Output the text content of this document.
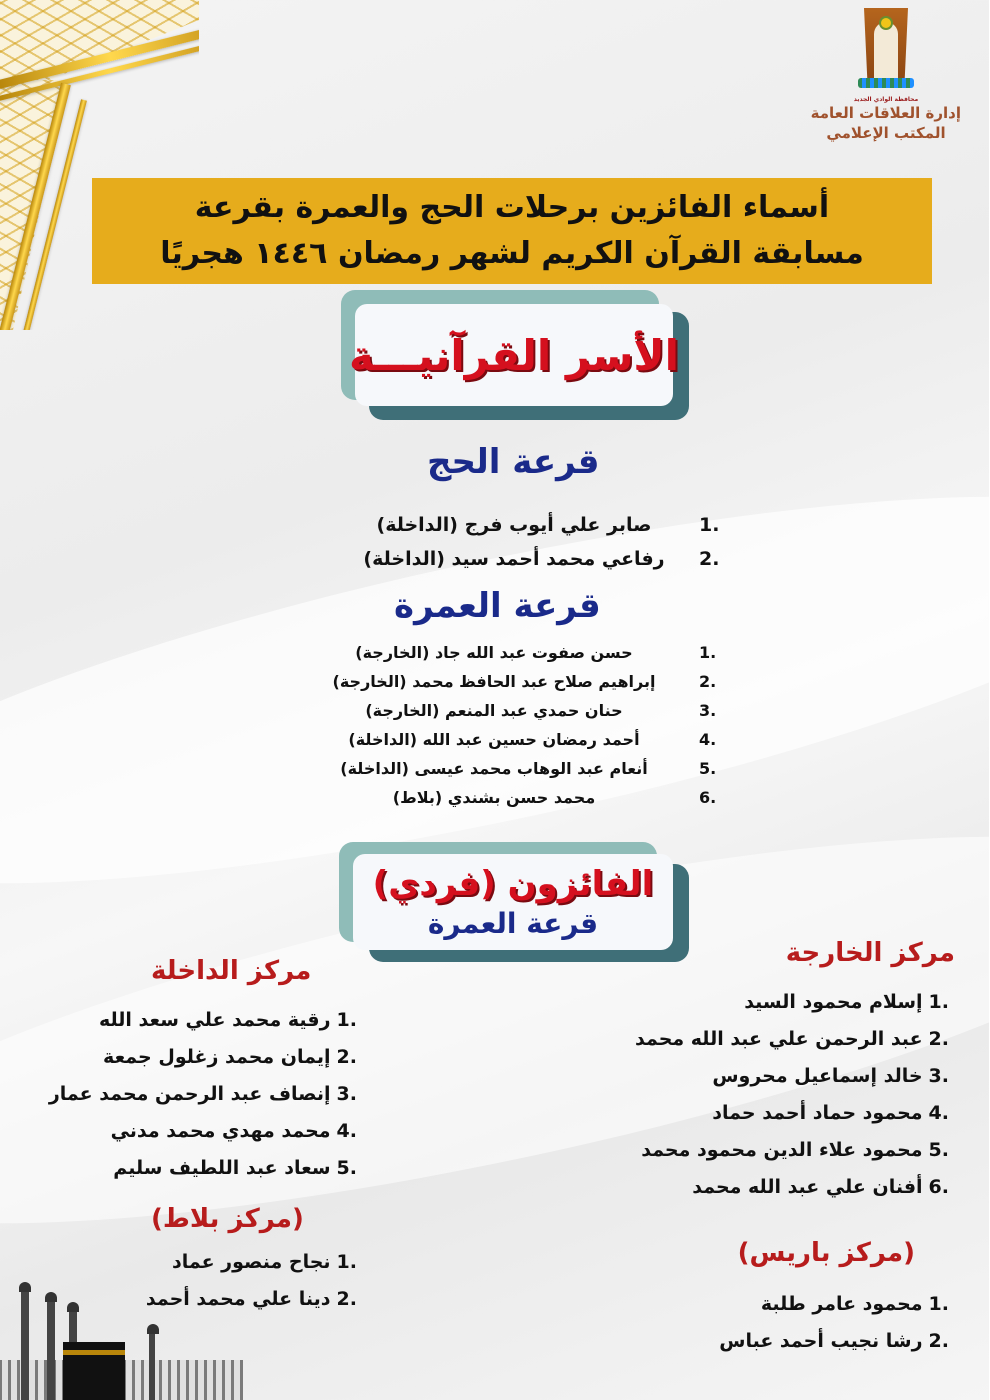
محافظة الوادي الجديد
إدارة العلاقات العامة
المكتب الإعلامي
أسماء الفائزين برحلات الحج والعمرة بقرعة
مسابقة القرآن الكريم لشهر رمضان ١٤٤٦ هجريًا
الأسر القرآنيـــة
قرعة الحج
1.
صابر علي أيوب فرج (الداخلة)
2.
رفاعي محمد أحمد سيد (الداخلة)
قرعة العمرة
1.
حسن صفوت عبد الله جاد (الخارجة)
2.
إبراهيم صلاح عبد الحافظ محمد (الخارجة)
3.
حنان حمدي عبد المنعم (الخارجة)
4.
أحمد رمضان حسين عبد الله (الداخلة)
5.
أنعام عبد الوهاب محمد عيسى (الداخلة)
6.
محمد حسن بشندي (بلاط)
الفائزون (فردي)
قرعة العمرة
مركز الخارجة
1.إسلام محمود السيد
2.عبد الرحمن علي عبد الله محمد
3.خالد إسماعيل محروس
4.محمود حماد أحمد حماد
5.محمود علاء الدين محمود محمد
6.أفنان علي عبد الله محمد
(مركز باريس)
1.محمود عامر طلبة
2.رشا نجيب أحمد عباس
مركز الداخلة
1.رقية محمد علي سعد الله
2.إيمان محمد زغلول جمعة
3.إنصاف عبد الرحمن محمد عمار
4.محمد مهدي محمد مدني
5.سعاد عبد اللطيف سليم
(مركز بلاط)
1.نجاح منصور عماد
2.دينا علي محمد أحمد
